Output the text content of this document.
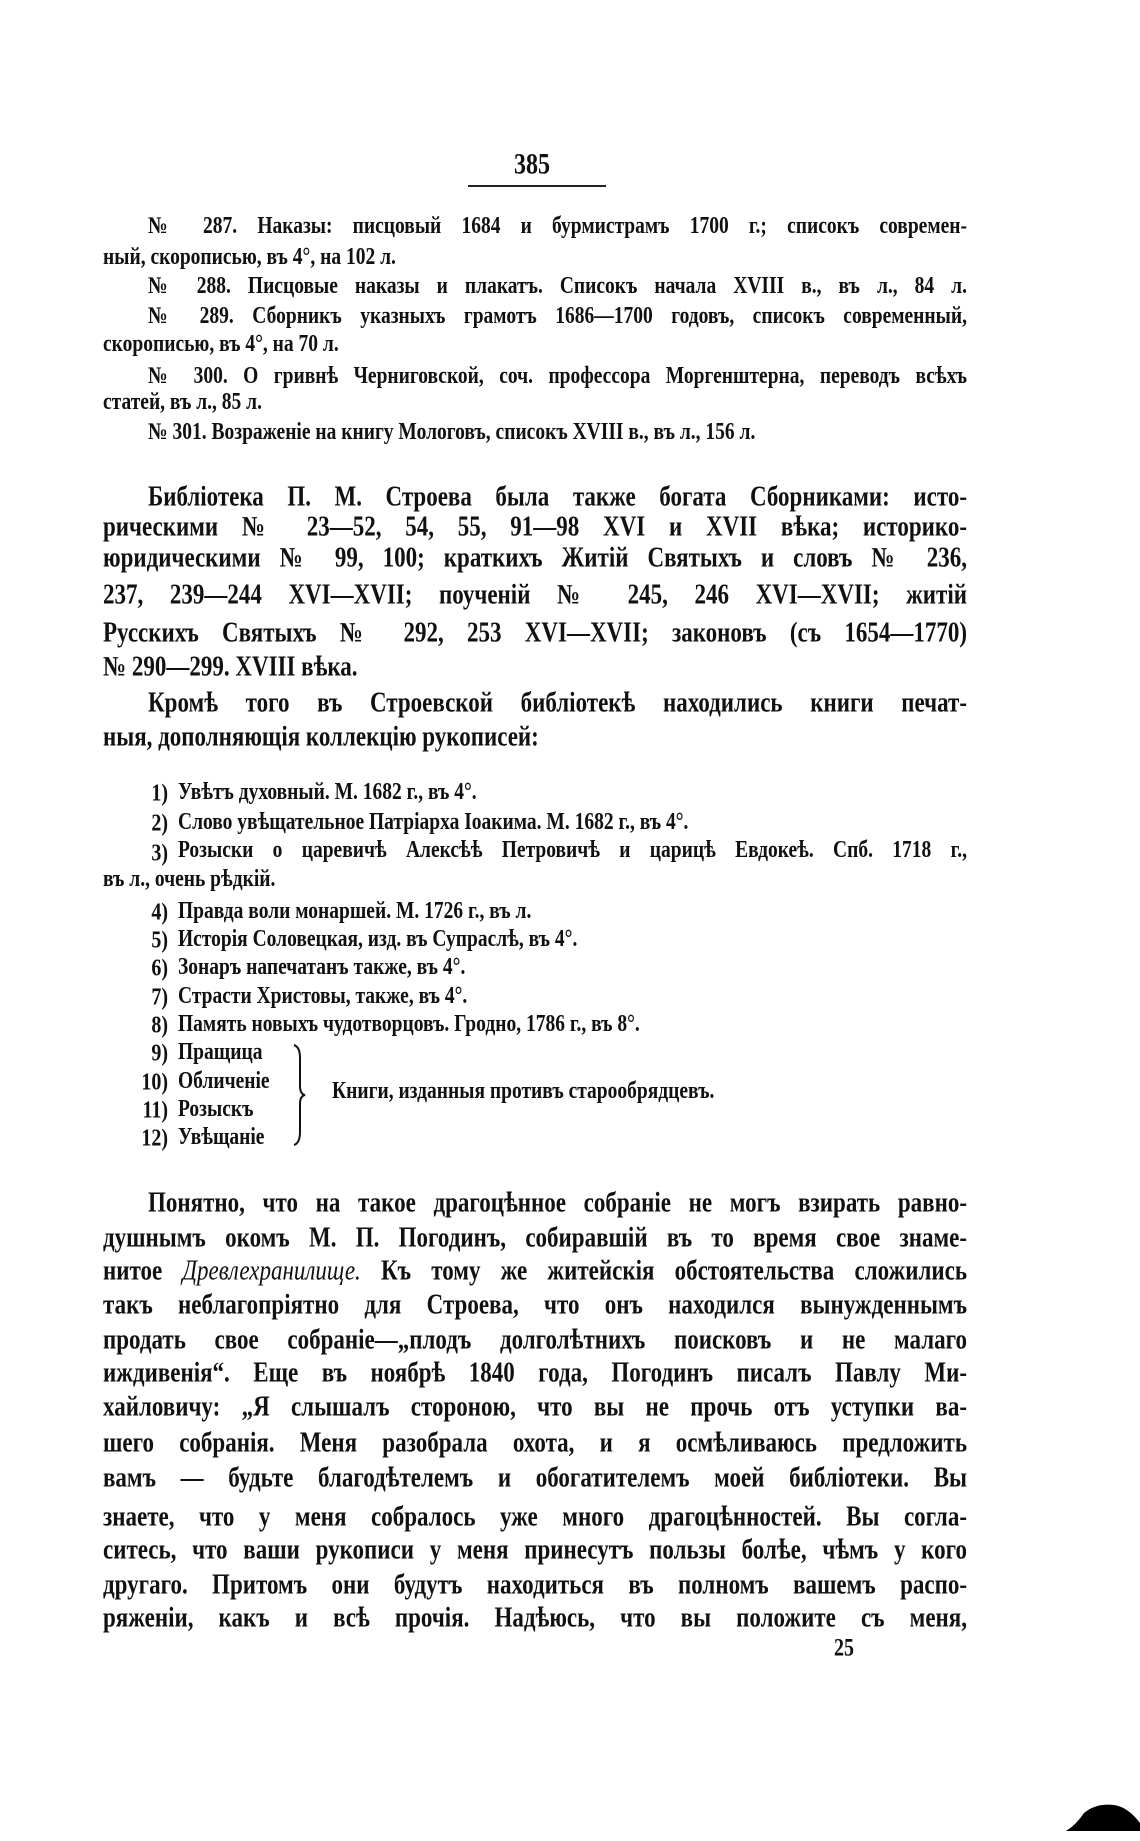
385
№ 287. Наказы: писцовый 1684 и бурмистрамъ 1700 г.; списокъ современ-
ный, скорописью, въ 4°, на 102 л.
№ 288. Писцовые наказы и плакатъ. Списокъ начала XVIII в., въ л., 84 л.
№ 289. Сборникъ указныхъ грамотъ 1686—1700 годовъ, списокъ современный,
скорописью, въ 4°, на 70 л.
№ 300. О гривнѣ Черниговской, соч. профессора Моргенштерна, переводъ всѣхъ
статей, въ л., 85 л.
№ 301. Возраженіе на книгу Мологовъ, списокъ XVIII в., въ л., 156 л.
Библіотека П. М. Строева была также богата Сборниками: исто-
рическими № 23—52, 54, 55, 91—98 XVI и XVII вѣка; историко-
юридическими № 99, 100; краткихъ Житій Святыхъ и словъ № 236,
237, 239—244 XVI—XVII; поученій № 245, 246 XVI—XVII; житій
Русскихъ Святыхъ № 292, 253 XVI—XVII; законовъ (съ 1654—1770)
№ 290—299. XVIII вѣка.
Кромѣ того въ Строевской библіотекѣ находились книги печат-
ныя, дополняющія коллекцію рукописей:
1) Увѣтъ духовный. М. 1682 г., въ 4°.
2) Слово увѣщательное Патріарха Іоакима. М. 1682 г., въ 4°.
3) Розыски о царевичѣ Алексѣѣ Петровичѣ и царицѣ Евдокеѣ. Спб. 1718 г.,
въ л., очень рѣдкій.
4) Правда воли монаршей. М. 1726 г., въ л.
5) Исторія Соловецкая, изд. въ Супраслѣ, въ 4°.
6) Зонаръ напечатанъ также, въ 4°.
7) Страсти Христовы, также, въ 4°.
8) Память новыхъ чудотворцовъ. Гродно, 1786 г., въ 8°.
9) Пращица
10) Обличеніе
11) Розыскъ
12) Увѣщаніе
Книги, изданныя противъ старообрядцевъ.
Понятно, что на такое драгоцѣнное собраніе не могъ взирать равно-
душнымъ окомъ М. П. Погодинъ, собиравшій въ то время свое знаме-
нитое Древлехранилище. Къ тому же житейскія обстоятельства сложились
такъ неблагопріятно для Строева, что онъ находился вынужденнымъ
продать свое собраніе—„плодъ долголѣтнихъ поисковъ и не малаго
иждивенія“. Еще въ ноябрѣ 1840 года, Погодинъ писалъ Павлу Ми-
хайловичу: „Я слышалъ стороною, что вы не прочь отъ уступки ва-
шего собранія. Меня разобрала охота, и я осмѣливаюсь предложить
вамъ — будьте благодѣтелемъ и обогатителемъ моей библіотеки. Вы
знаете, что у меня собралось уже много драгоцѣнностей. Вы согла-
ситесь, что ваши рукописи у меня принесутъ пользы болѣе, чѣмъ у кого
другаго. Притомъ они будутъ находиться въ полномъ вашемъ распо-
ряженіи, какъ и всѣ прочія. Надѣюсь, что вы положите съ меня,
25
